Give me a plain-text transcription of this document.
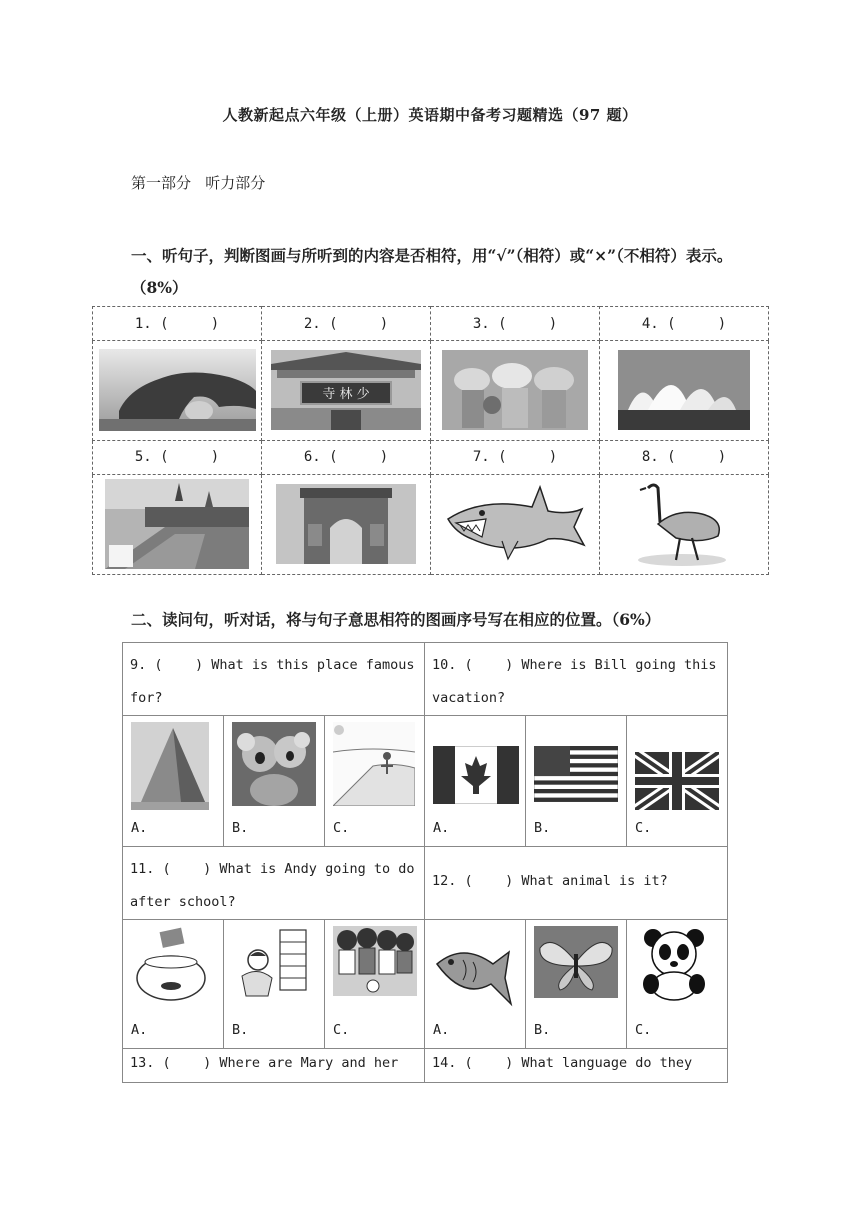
人教新起点六年级（上册）英语期中备考习题精选（97 题）
第一部分   听力部分
一、听句子，判断图画与所听到的内容是否相符，用“√”（相符）或“×”（不相符）表示。（8%）
1. (     )	2. (     )	3. (     )	4. (     )

寺 林 少

5. (     )	6. (     )	7. (     )	8. (     )

二、读问句，听对话，将与句子意思相符的图画序号写在相应的位置。（6%）
9. (    ) What is this place famous for?			10. (    ) Where is Bill going this vacation?		

A.	B.	C.	A.	B.	C.

11. (    ) What is Andy going to do after school?			12. (    ) What animal is it?		

A.	B.	C.	A.	B.	C.

13. (    ) Where are Mary and her			14. (    ) What language do they		
